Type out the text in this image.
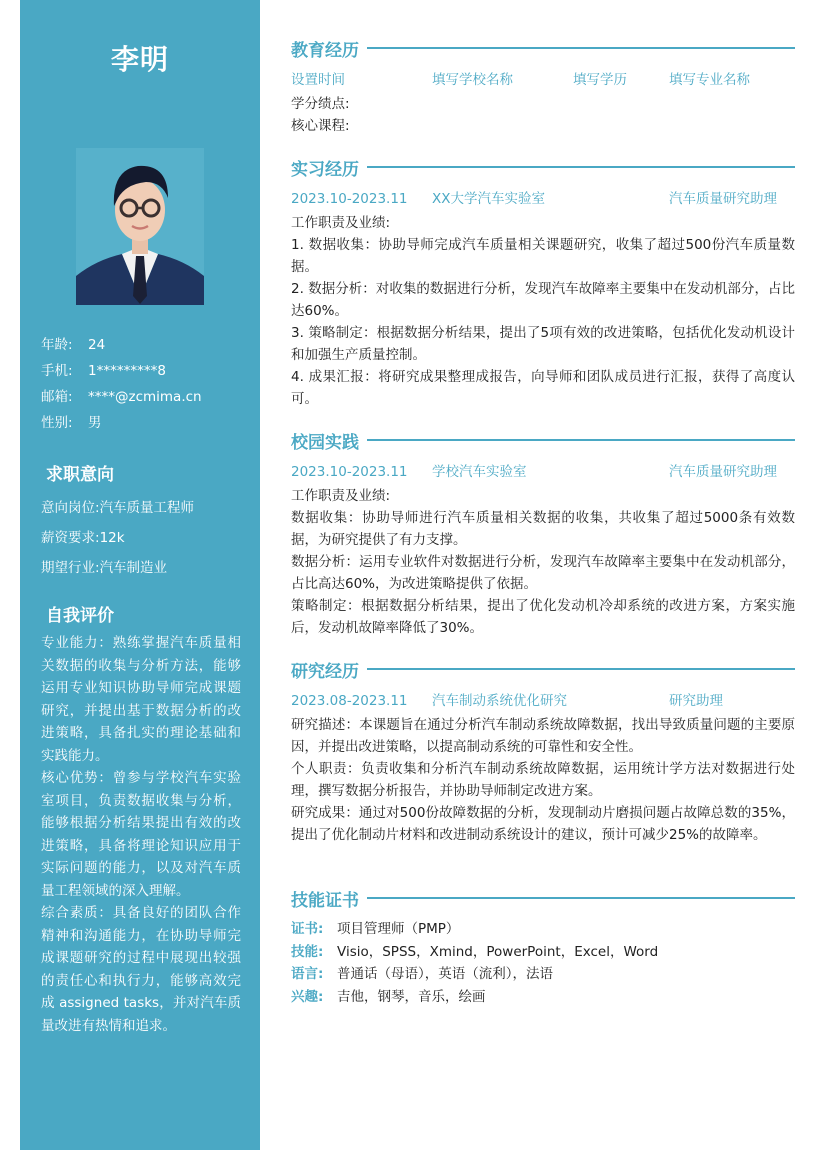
李明
年龄: 24
手机: 1*********8
邮箱: ****@zcmima.cn
性别: 男
求职意向
意向岗位:汽车质量工程师
薪资要求:12k
期望行业:汽车制造业
自我评价
专业能力：熟练掌握汽车质量相关数据的收集与分析方法，能够运用专业知识协助导师完成课题研究，并提出基于数据分析的改进策略，具备扎实的理论基础和实践能力。
核心优势：曾参与学校汽车实验室项目，负责数据收集与分析，能够根据分析结果提出有效的改进策略，具备将理论知识应用于实际问题的能力，以及对汽车质量工程领域的深入理解。
综合素质：具备良好的团队合作精神和沟通能力，在协助导师完成课题研究的过程中展现出较强的责任心和执行力，能够高效完成 assigned tasks，并对汽车质量改进有热情和追求。
教育经历
设置时间	填写学校名称	填写学历	填写专业名称
学分绩点:
核心课程:
实习经历
2023.10-2023.11 XX大学汽车实验室	汽车质量研究助理
工作职责及业绩:
1. 数据收集：协助导师完成汽车质量相关课题研究，收集了超过500份汽车质量数据。
2. 数据分析：对收集的数据进行分析，发现汽车故障率主要集中在发动机部分，占比达60%。
3. 策略制定：根据数据分析结果，提出了5项有效的改进策略，包括优化发动机设计和加强生产质量控制。
4. 成果汇报：将研究成果整理成报告，向导师和团队成员进行汇报，获得了高度认可。
校园实践
2023.10-2023.11 学校汽车实验室	汽车质量研究助理
工作职责及业绩:
数据收集：协助导师进行汽车质量相关数据的收集，共收集了超过5000条有效数据，为研究提供了有力支撑。
数据分析：运用专业软件对数据进行分析，发现汽车故障率主要集中在发动机部分，占比高达60%，为改进策略提供了依据。
策略制定：根据数据分析结果，提出了优化发动机冷却系统的改进方案，方案实施后，发动机故障率降低了30%。
研究经历
2023.08-2023.11 汽车制动系统优化研究	研究助理
研究描述：本课题旨在通过分析汽车制动系统故障数据，找出导致质量问题的主要原因，并提出改进策略，以提高制动系统的可靠性和安全性。
个人职责：负责收集和分析汽车制动系统故障数据，运用统计学方法对数据进行处理，撰写数据分析报告，并协助导师制定改进方案。
研究成果：通过对500份故障数据的分析，发现制动片磨损问题占故障总数的35%，提出了优化制动片材料和改进制动系统设计的建议，预计可减少25%的故障率。
技能证书
证书: 项目管理师（PMP）
技能: Visio，SPSS，Xmind，PowerPoint，Excel，Word
语言: 普通话（母语），英语（流利），法语
兴趣: 吉他，钢琴，音乐，绘画
